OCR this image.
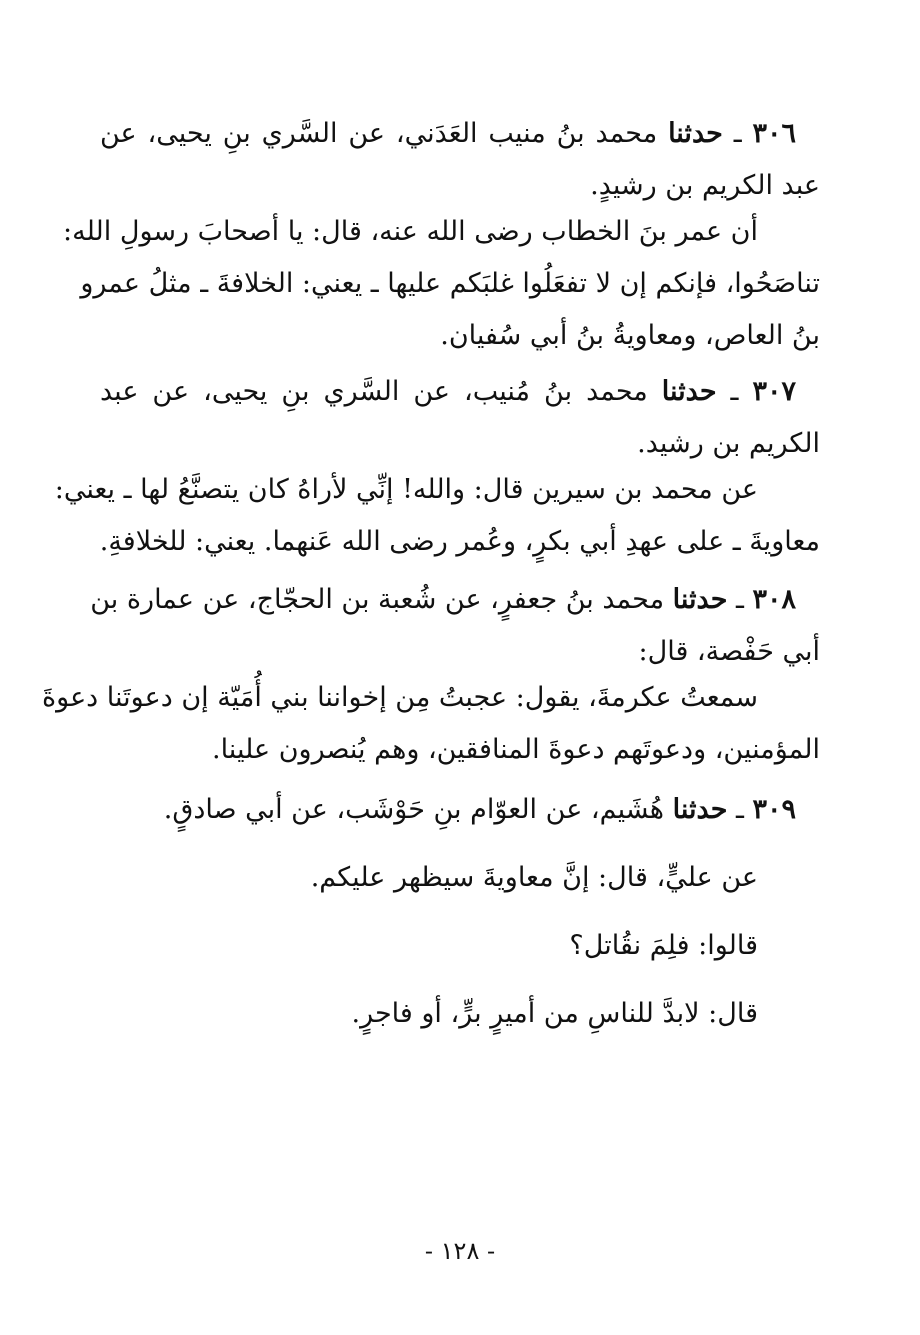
٣٠٦ ـ حدثنا محمد بنُ منيب العَدَني، عن السَّري بنِ يحيى، عن
عبد الكريم بن رشيدٍ.
أن عمر بنَ الخطاب رضى الله عنه، قال: يا أصحابَ رسولِ الله:
تناصَحُوا، فإنكم إن لا تفعَلُوا غلبَكم عليها ـ يعني: الخلافةَ ـ مثلُ عمرو
بنُ العاص، ومعاويةُ بنُ أبي سُفيان.
٣٠٧ ـ حدثنا محمد بنُ مُنيب، عن السَّري بنِ يحيى، عن عبد
الكريم بن رشيد.
عن محمد بن سيرين قال: والله! إنِّي لأراهُ كان يتصنَّعُ لها ـ يعني:
معاويةَ ـ على عهدِ أبي بكرٍ، وعُمر رضى الله عَنهما. يعني: للخلافةِ.
٣٠٨ ـ حدثنا محمد بنُ جعفرٍ، عن شُعبة بن الحجّاج، عن عمارة بن
أبي حَفْصة، قال:
سمعتُ عكرمةَ، يقول: عجبتُ مِن إخواننا بني أُمَيّة إن دعوتَنا دعوةَ
المؤمنين، ودعوتَهم دعوةَ المنافقين، وهم يُنصرون علينا.
٣٠٩ ـ حدثنا هُشَيم، عن العوّام بنِ حَوْشَب، عن أبي صادقٍ.
عن عليٍّ، قال: إنَّ معاويةَ سيظهر عليكم.
قالوا: فلِمَ نقُاتل؟
قال: لابدَّ للناسِ من أميرٍ برٍّ، أو فاجرٍ.
- ١٢٨ -
